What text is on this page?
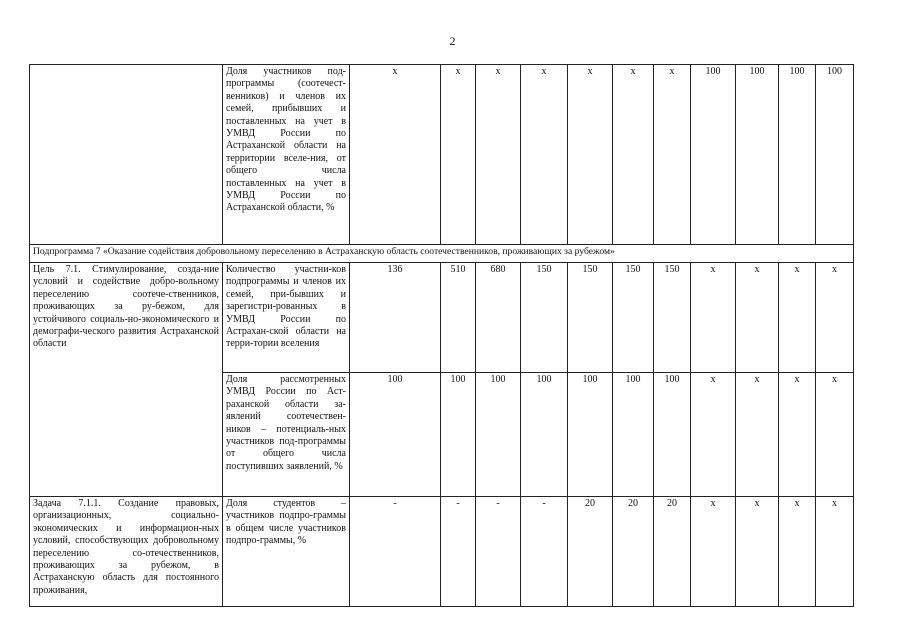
2
	Доля участников под-программы (соотечест-венников) и членов их семей, прибывших и поставленных на учет в УМВД России по Астраханской области на территории вселе-ния, от общего числа поставленных на учет в УМВД России по Астраханской области, %	x	x	x	x	x	x	x	100	100	100	100
Подпрограмма 7 «Оказание содействия добровольному переселению в Астраханскую область соотечественников, проживающих за рубежом»												
Цель 7.1. Стимулирование, созда-ние условий и содействие добро-вольному переселению соотече-ственников, проживающих за ру-бежом, для устойчивого социаль-но-экономического и демографи-ческого развития Астраханской области	Количество участни-ков подпрограммы и членов их семей, при-бывших и зарегистри-рованных в УМВД России по Астрахан-ской области на терри-тории вселения	136	510	680	150	150	150	150	x	x	x	x
	Доля рассмотренных УМВД России по Аст-раханской области за-явлений соотечествен-ников – потенциаль-ных участников под-программы от общего числа поступивших заявлений, %	100	100	100	100	100	100	100	x	x	x	x
Задача 7.1.1. Создание правовых, организационных, социально-экономических и информацион-ных условий, способствующих добровольному переселению со-отечественников, проживающих за рубежом, в Астраханскую область для постоянного проживания,	Доля студентов – участников подпро-граммы в общем числе участников подпро-граммы, %	-	-	-	-	20	20	20	x	x	x	x
